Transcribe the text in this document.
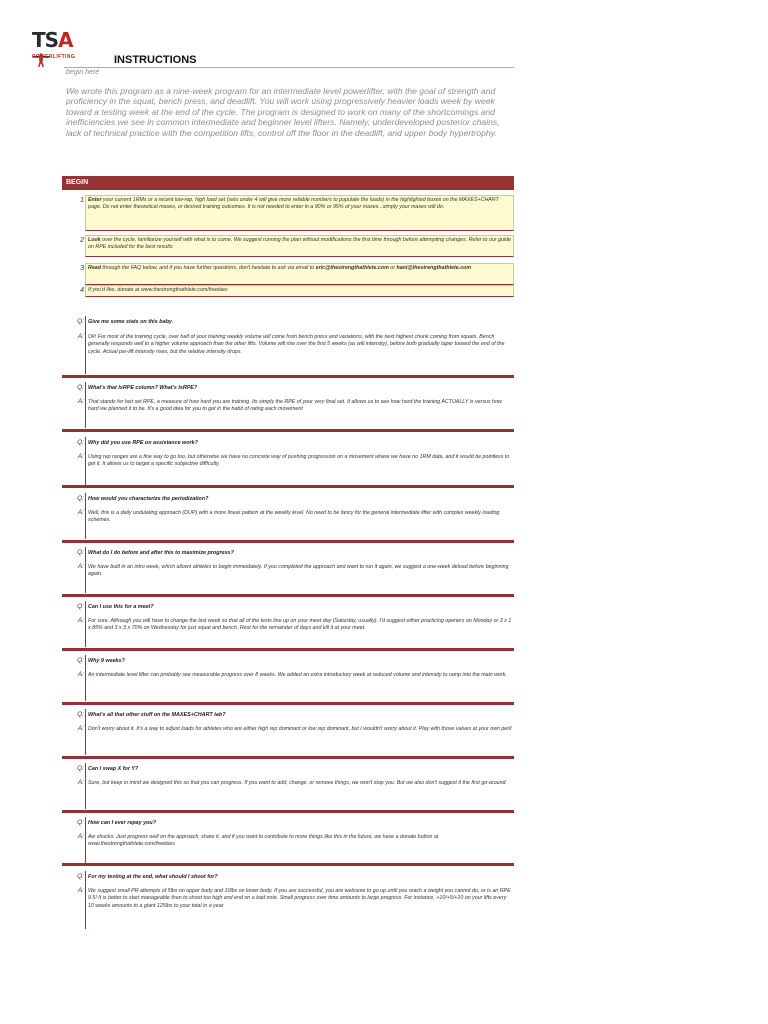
TSA
POWERLIFTING	INSTRUCTIONS
begin here
We wrote this program as a nine-week program for an intermediate level powerlifter, with the goal of strength and proficiency in the squat, bench press, and deadlift. You will work using progressively heavier loads week by week toward a testing week at the end of the cycle. The program is designed to work on many of the shortcomings and inefficiencies we see in common intermediate and beginner level lifters. Namely, underdeveloped posterior chains, lack of technical practice with the competition lifts, control off the floor in the deadlift, and upper body hypertrophy.
BEGIN
1 Enter your current 1RMs or a recent low-rep, high load set (sets under 4 will give more reliable numbers to populate the loads) in the highlighted boxes on the MAXES+CHART page. Do not enter theoretical maxes, or desired training outcomes. It is not needed to enter in a 90% or 95% of your maxes...simply your maxes will do.
2 Look over the cycle, familiarize yourself with what is to come. We suggest running the plan without modifications the first time through before attempting changes. Refer to our guide on RPE included for the best results
3 Read through the FAQ below, and if you have further questions, don't hesitate to ask via email to eric@thestrengthathlete.com or hani@thestrengthathlete.com
4 If you'd like, donate at www.thestrengthathlete.com/freebies
Q: Give me some stats on this baby.
A: Ok! For most of the training cycle, over half of your training weekly volume will come from bench press and variations, with the next highest chunk coming from squats. Bench generally responds well to a higher volume approach than the other lifts. Volume will rise over the first 5 weeks (as will intensity), before both gradually taper toward the end of the cycle. Actual per-lift intensity rises, but the relative intensity drops.
Q: What's that IsRPE column? What's IsRPE?
A: That stands for last set RPE, a measure of how hard you are training. Its simply the RPE of your very final set. It allows us to see how hard the training ACTUALLY is versus how hard we planned it to be. It's a good idea for you to get in the habit of rating each movement
Q: Why did you use RPE on assistance work?
A: Using rep ranges are a fine way to go too, but otherwise we have no concrete way of pushing progression on a movement where we have no 1RM data, and it would be pointless to get it. It allows us to target a specific subjective difficulty.
Q: How would you characterize the periodization?
A: Well, this is a daily undulating approach (DUP) with a more linear pattern at the weekly level. No need to be fancy for the general intermediate lifter with complex weekly loading schemes.
Q: What do I do before and after this to maximize progress?
A: We have built in an intro week, which allows athletes to begin immeidately. If you completed the approach and want to run it again, we suggest a one-week deload before beginning again.
Q: Can I use this for a meet?
A: For sure. Although you will have to change the last week so that all of the tests line up on your meet day (Saturday, usually). I'd suggest either practicing openers on Monday or 3 x 1 x 85% and 3 x 3 x 70% on Wednesday for just squat and bench. Rest for the remainder of days and kill it at your meet.
Q: Why 9 weeks?
A: An intermediate level lifter can probably see measurable progress over 8 weeks. We added an extra introductory week at reduced volume and intensity to ramp into the main work.
Q: What's all that other stuff on the MAXES+CHART tab?
A: Don't worry about it. It's a way to adjust loads for athletes who are either high rep dominant or low rep dominant, but I wouldn't worry about it. Play with those values at your own peril
Q: Can I swap X for Y?
A: Sure, but keep in mind we designed this so that you can progress. If you want to add, change, or remove things, we won't stop you. But we also don't suggest it the first go-around.
Q: How can I ever repay you?
A: Aw shucks. Just progress well on the approach, share it, and if you want to contribute to more things like this in the future, we have a donate button at www.thestrengthathlete.com/freebies
Q: For my testing at the end, what should I shoot for?
A: We suggest small PR attempts of 5lbs on upper body and 10lbs on lower body. If you are successful, you are welcome to go up until you reach a weight you cannot do, or is an RPE 9.5! It is better to start manageable than to shoot too high and end on a bad note. Small progress over time amounts to large progress. For instance, +10/+5/+10 on your lifts every 10 weeks amounts to a giant 125lbs to your total in a year
